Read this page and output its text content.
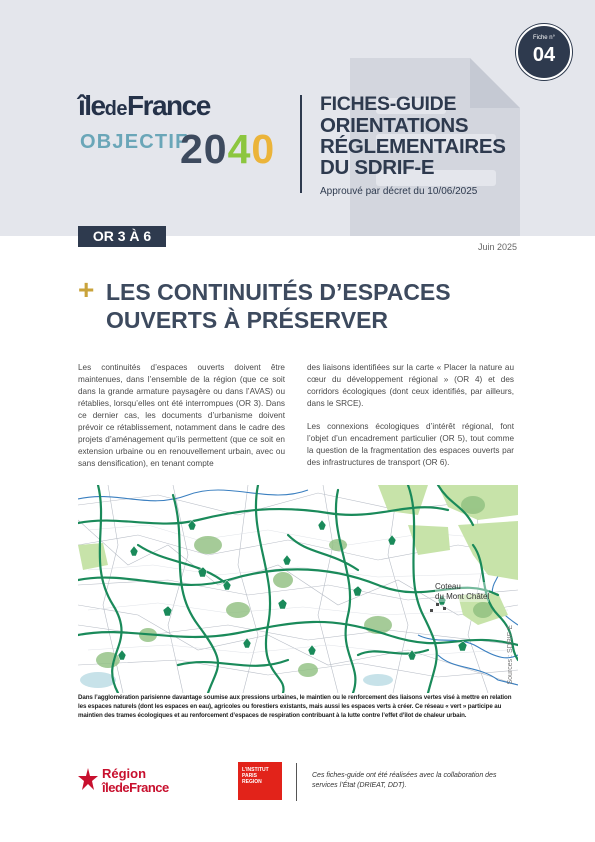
Fiche n°
04
îledeFrance
OBJECTIF
2040
FICHES-GUIDE
ORIENTATIONS
RÉGLEMENTAIRES
DU SDRIF-E
Approuvé par décret du 10/06/2025
OR 3 À 6
Juin 2025
+ LES CONTINUITÉS D’ESPACES
OUVERTS À PRÉSERVER

Les continuités d’espaces ouverts doivent être maintenues, dans l’ensemble de la région (que ce soit dans la grande armature paysagère ou dans l’AVAS) ou rétablies, lorsqu’elles ont été interrompues (OR 3). Dans ce dernier cas, les documents d’urbanisme doivent prévoir ce rétablissement, notamment dans le cadre des projets d’aménagement qu’ils permettent (que ce soit en extension urbaine ou en renouvellement urbain, avec ou sans densification), en tenant compte

des liaisons identifiées sur la carte « Placer la nature au cœur du développement régional » (OR 4) et des corridors écologiques (dont ceux identifiés, par ailleurs, dans le SRCE).

Les connexions écologiques d’intérêt régional, font l’objet d’un encadrement particulier (OR 5), tout comme la question de la fragmentation des espaces ouverts par des infrastructures de transport (OR 6).

Coteau
du Mont Châtel
Sources : SDRIF-E
Dans l’agglomération parisienne davantage soumise aux pressions urbaines, le maintien ou le renforcement des liaisons vertes visé à mettre en relation les espaces naturels (dont les espaces en eau), agricoles ou forestiers existants, mais aussi les espaces verts à créer. Ce réseau « vert » participe au maintien des trames écologiques et au renforcement d’espaces de respiration contribuant à la lutte contre l’effet d’îlot de chaleur urbain.
Région
îledeFrance
L’INSTITUT
PARIS
REGION
Ces fiches-guide ont été réalisées avec la collaboration des services l’État (DRIEAT, DDT).
